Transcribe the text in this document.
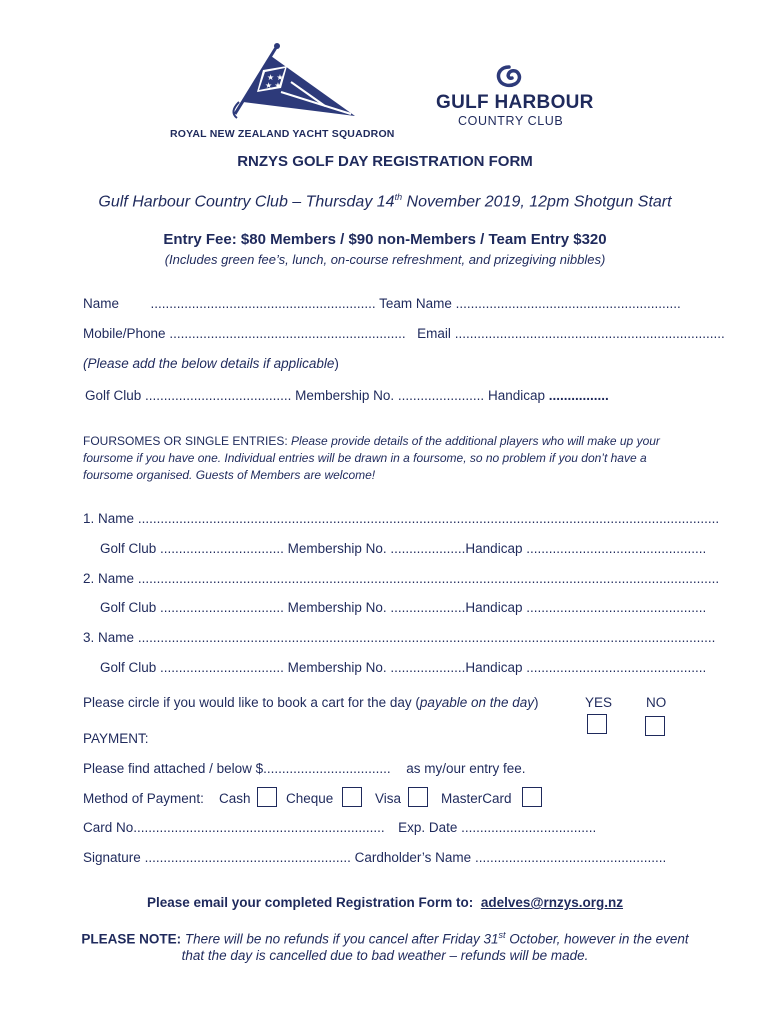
★ ★
★ ★
ROYAL NEW ZEALAND YACHT SQUADRON
GULF HARBOUR
COUNTRY CLUB
RNZYS GOLF DAY REGISTRATION FORM
Gulf Harbour Country Club – Thursday 14th November 2019, 12pm Shotgun Start
Entry Fee: $80 Members / $90 non-Members / Team Entry $320
(Includes green fee’s, lunch, on-course refreshment, and prizegiving nibbles)
Name ............................................................ Team Name ............................................................
Mobile/Phone ............................................................... Email ........................................................................
(Please add the below details if applicable)
Golf Club ....................................... Membership No. ....................... Handicap ................
FOURSOMES OR SINGLE ENTRIES: Please provide details of the additional players who will make up your
foursome if you have one. Individual entries will be drawn in a foursome, so no problem if you don’t have a
foursome organised. Guests of Members are welcome!
1. Name ...........................................................................................................................................................
Golf Club ................................. Membership No. ....................Handicap ................................................
2. Name ...........................................................................................................................................................
Golf Club ................................. Membership No. ....................Handicap ................................................
3. Name ..........................................................................................................................................................
Golf Club ................................. Membership No. ....................Handicap ................................................
Please circle if you would like to book a cart for the day (payable on the day)	YES	NO
PAYMENT:
Please find attached / below $.................................. as my/our entry fee.
Method of Payment: Cash	Cheque	Visa	MasterCard
Card No................................................................... Exp. Date ....................................
Signature ....................................................... Cardholder’s Name ...................................................
Please email your completed Registration Form to: adelves@rnzys.org.nz
PLEASE NOTE: There will be no refunds if you cancel after Friday 31st October, however in the event
that the day is cancelled due to bad weather – refunds will be made.
